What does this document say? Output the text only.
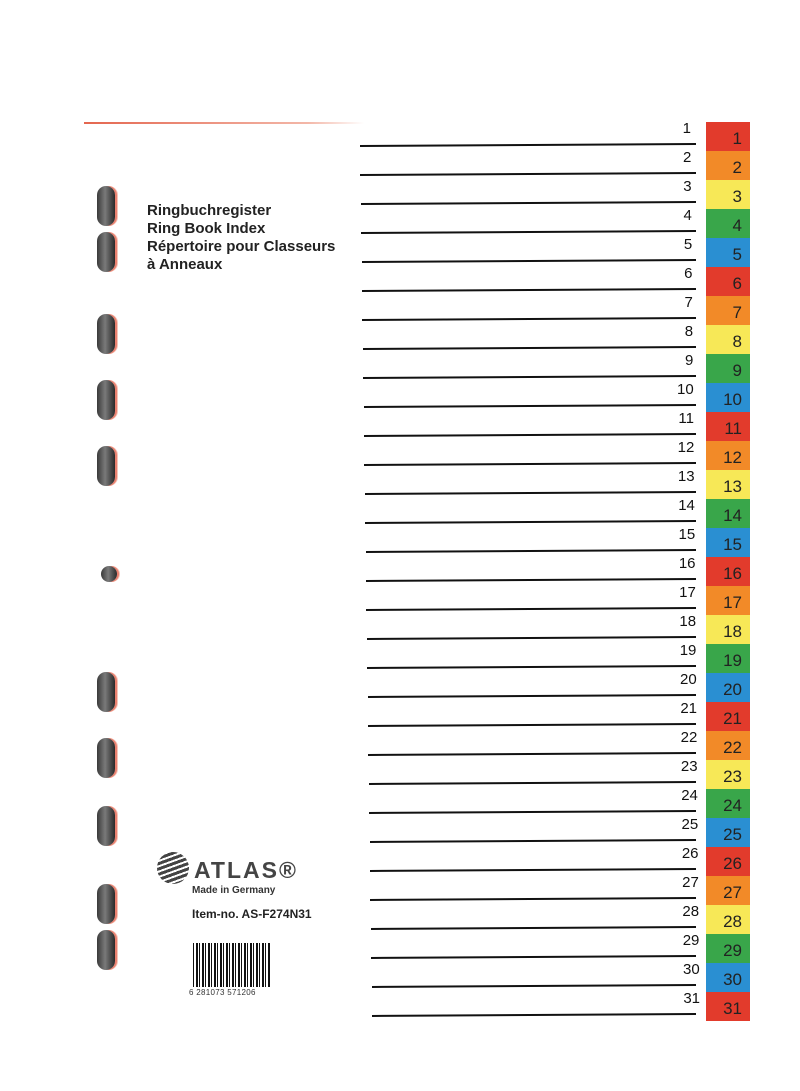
Ringbuchregister
Ring Book Index
Répertoire pour Classeurs
à Anneaux
1
2
3
4
5
6
7
8
9
10
11
12
13
14
15
16
17
18
19
20
21
22
23
24
25
26
27
28
29
30
31
1
2
3
4
5
6
7
8
9
10
11
12
13
14
15
16
17
18
19
20
21
22
23
24
25
26
27
28
29
30
31
ATLAS®
Made in Germany
Item-no. AS-F274N31
6 281073 571206
